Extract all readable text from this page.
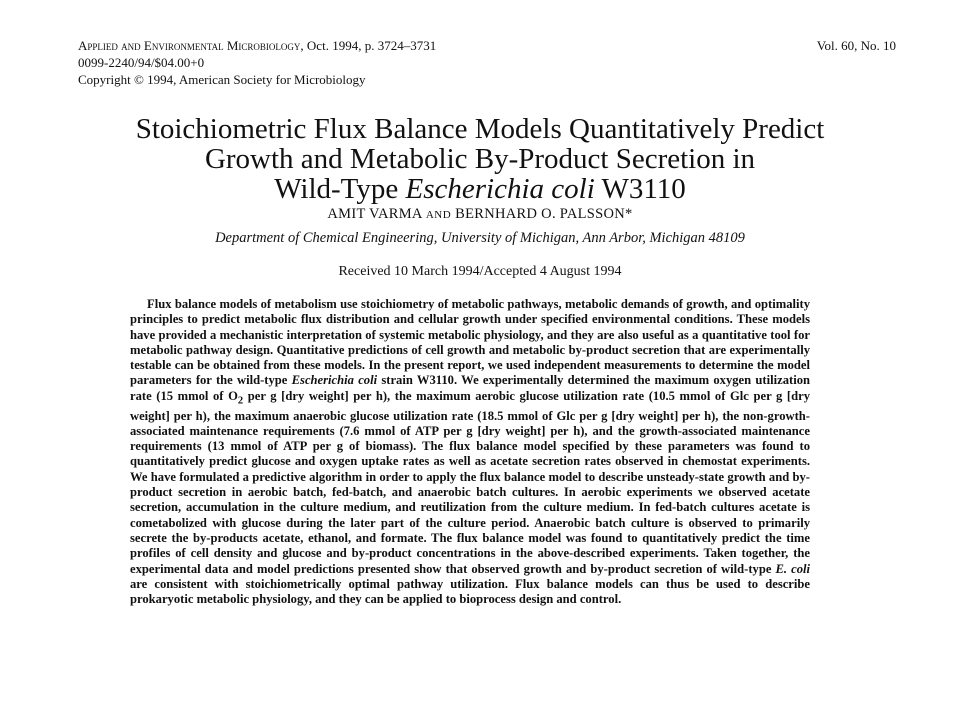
Applied and Environmental Microbiology, Oct. 1994, p. 3724–3731
0099-2240/94/$04.00+0
Copyright © 1994, American Society for Microbiology
Vol. 60, No. 10
Stoichiometric Flux Balance Models Quantitatively Predict
Growth and Metabolic By-Product Secretion in
Wild-Type Escherichia coli W3110
AMIT VARMA AND BERNHARD O. PALSSON*
Department of Chemical Engineering, University of Michigan, Ann Arbor, Michigan 48109
Received 10 March 1994/Accepted 4 August 1994

Flux balance models of metabolism use stoichiometry of metabolic pathways, metabolic demands of growth, and optimality principles to predict metabolic flux distribution and cellular growth under specified environmental conditions. These models have provided a mechanistic interpretation of systemic metabolic physiology, and they are also useful as a quantitative tool for metabolic pathway design. Quantitative predictions of cell growth and metabolic by-product secretion that are experimentally testable can be obtained from these models. In the present report, we used independent measurements to determine the model parameters for the wild-type Escherichia coli strain W3110. We experimentally determined the maximum oxygen utilization rate (15 mmol of $O_2$ per g [dry weight] per h), the maximum aerobic glucose utilization rate (10.5 mmol of Glc per g [dry weight] per h), the maximum anaerobic glucose utilization rate (18.5 mmol of Glc per g [dry weight] per h), the non-growth-associated maintenance requirements (7.6 mmol of ATP per g [dry weight] per h), and the growth-associated maintenance requirements (13 mmol of ATP per g of biomass). The flux balance model specified by these parameters was found to quantitatively predict glucose and oxygen uptake rates as well as acetate secretion rates observed in chemostat experiments. We have formulated a predictive algorithm in order to apply the flux balance model to describe unsteady-state growth and by-product secretion in aerobic batch, fed-batch, and anaerobic batch cultures. In aerobic experiments we observed acetate secretion, accumulation in the culture medium, and reutilization from the culture medium. In fed-batch cultures acetate is cometabolized with glucose during the later part of the culture period. Anaerobic batch culture is observed to primarily secrete the by-products acetate, ethanol, and formate. The flux balance model was found to quantitatively predict the time profiles of cell density and glucose and by-product concentrations in the above-described experiments. Taken together, the experimental data and model predictions presented show that observed growth and by-product secretion of wild-type E. coli are consistent with stoichiometrically optimal pathway utilization. Flux balance models can thus be used to describe prokaryotic metabolic physiology, and they can be applied to bioprocess design and control.
